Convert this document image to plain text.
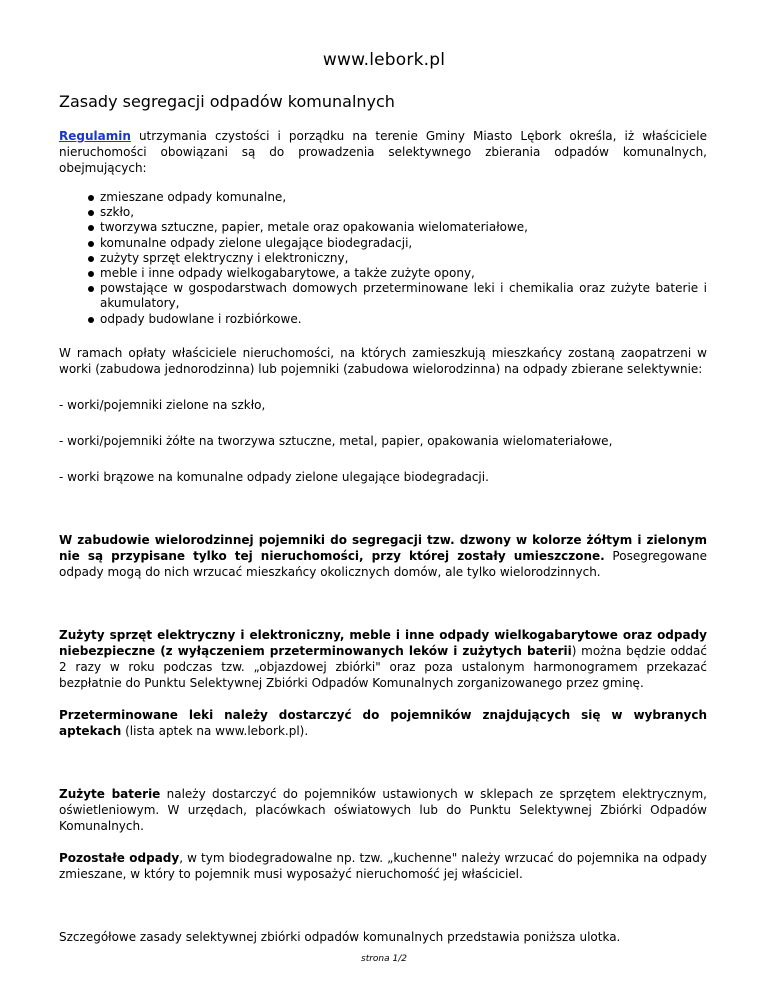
www.lebork.pl
Zasady segregacji odpadów komunalnych

Regulamin utrzymania czystości i porządku na terenie Gminy Miasto Lębork określa, iż właściciele nieruchomości obowiązani są do prowadzenia selektywnego zbierania odpadów komunalnych, obejmujących:

zmieszane odpady komunalne,
szkło,
tworzywa sztuczne, papier, metale oraz opakowania wielomateriałowe,
komunalne odpady zielone ulegające biodegradacji,
zużyty sprzęt elektryczny i elektroniczny,
meble i inne odpady wielkogabarytowe, a także zużyte opony,
powstające w gospodarstwach domowych przeterminowane leki i chemikalia oraz zużyte baterie i akumulatory,
odpady budowlane i rozbiórkowe.

W ramach opłaty właściciele nieruchomości, na których zamieszkują mieszkańcy zostaną zaopatrzeni w worki (zabudowa jednorodzinna) lub pojemniki (zabudowa wielorodzinna) na odpady zbierane selektywnie:

- worki/pojemniki zielone na szkło,

- worki/pojemniki żółte na tworzywa sztuczne, metal, papier, opakowania wielomateriałowe,

- worki brązowe na komunalne odpady zielone ulegające biodegradacji.

W zabudowie wielorodzinnej pojemniki do segregacji tzw. dzwony w kolorze żółtym i zielonym nie są przypisane tylko tej nieruchomości, przy której zostały umieszczone. Posegregowane odpady mogą do nich wrzucać mieszkańcy okolicznych domów, ale tylko wielorodzinnych.

Zużyty sprzęt elektryczny i elektroniczny, meble i inne odpady wielkogabarytowe oraz odpady niebezpieczne (z wyłączeniem przeterminowanych leków i zużytych baterii) można będzie oddać 2 razy w roku podczas tzw. „objazdowej zbiórki" oraz poza ustalonym harmonogramem przekazać bezpłatnie do Punktu Selektywnej Zbiórki Odpadów Komunalnych zorganizowanego przez gminę.

Przeterminowane leki należy dostarczyć do pojemników znajdujących się w wybranych aptekach (lista aptek na www.lebork.pl).

Zużyte baterie należy dostarczyć do pojemników ustawionych w sklepach ze sprzętem elektrycznym, oświetleniowym. W urzędach, placówkach oświatowych lub do Punktu Selektywnej Zbiórki Odpadów Komunalnych.

Pozostałe odpady, w tym biodegradowalne np. tzw. „kuchenne" należy wrzucać do pojemnika na odpady zmieszane, w który to pojemnik musi wyposażyć nieruchomość jej właściciel.

Szczegółowe zasady selektywnej zbiórki odpadów komunalnych przedstawia poniższa ulotka.

strona 1/2
